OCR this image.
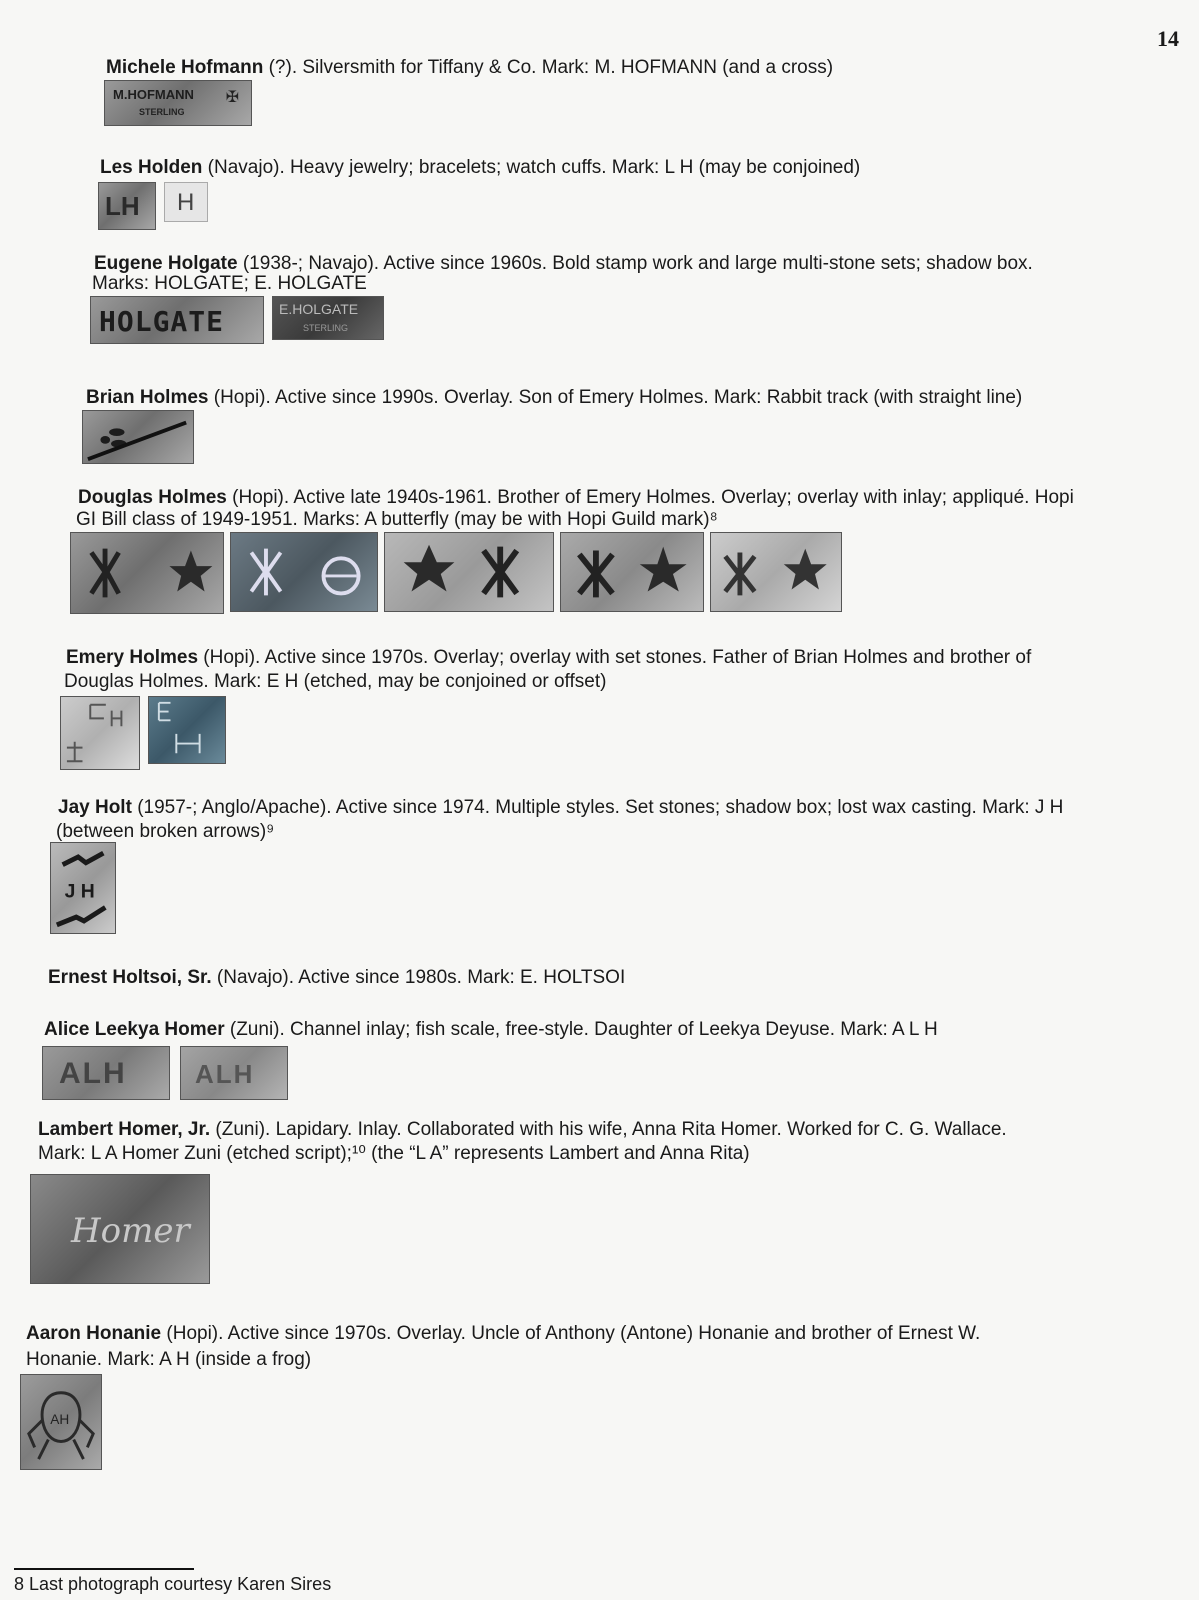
14
Michele Hofmann (?). Silversmith for Tiffany & Co. Mark: M. HOFMANN (and a cross)
M.HOFMANN
STERLING
✠
Les Holden (Navajo). Heavy jewelry; bracelets; watch cuffs. Mark: L H (may be conjoined)
LH H
Eugene Holgate (1938-; Navajo). Active since 1960s. Bold stamp work and large multi-stone sets; shadow box.
Marks: HOLGATE; E. HOLGATE
HOLGATE	E.HOLGATE
STERLING
Brian Holmes (Hopi). Active since 1990s. Overlay. Son of Emery Holmes. Mark: Rabbit track (with straight line)
Douglas Holmes (Hopi). Active late 1940s-1961. Brother of Emery Holmes. Overlay; overlay with inlay; appliqué. Hopi
GI Bill class of 1949-1951. Marks: A butterfly (may be with Hopi Guild mark)⁸
Emery Holmes (Hopi). Active since 1970s. Overlay; overlay with set stones. Father of Brian Holmes and brother of
Douglas Holmes. Mark: E H (etched, may be conjoined or offset)
Jay Holt (1957-; Anglo/Apache). Active since 1974. Multiple styles. Set stones; shadow box; lost wax casting. Mark: J H
(between broken arrows)⁹
J H
Ernest Holtsoi, Sr. (Navajo). Active since 1980s. Mark: E. HOLTSOI
Alice Leekya Homer (Zuni). Channel inlay; fish scale, free-style. Daughter of Leekya Deyuse. Mark: A L H
ALH	ALH
Lambert Homer, Jr. (Zuni). Lapidary. Inlay. Collaborated with his wife, Anna Rita Homer. Worked for C. G. Wallace.
Mark: L A Homer Zuni (etched script);¹⁰ (the “L A” represents Lambert and Anna Rita)
Homer
Aaron Honanie (Hopi). Active since 1970s. Overlay. Uncle of Anthony (Antone) Honanie and brother of Ernest W.
Honanie. Mark: A H (inside a frog)
AH
8 Last photograph courtesy Karen Sires
